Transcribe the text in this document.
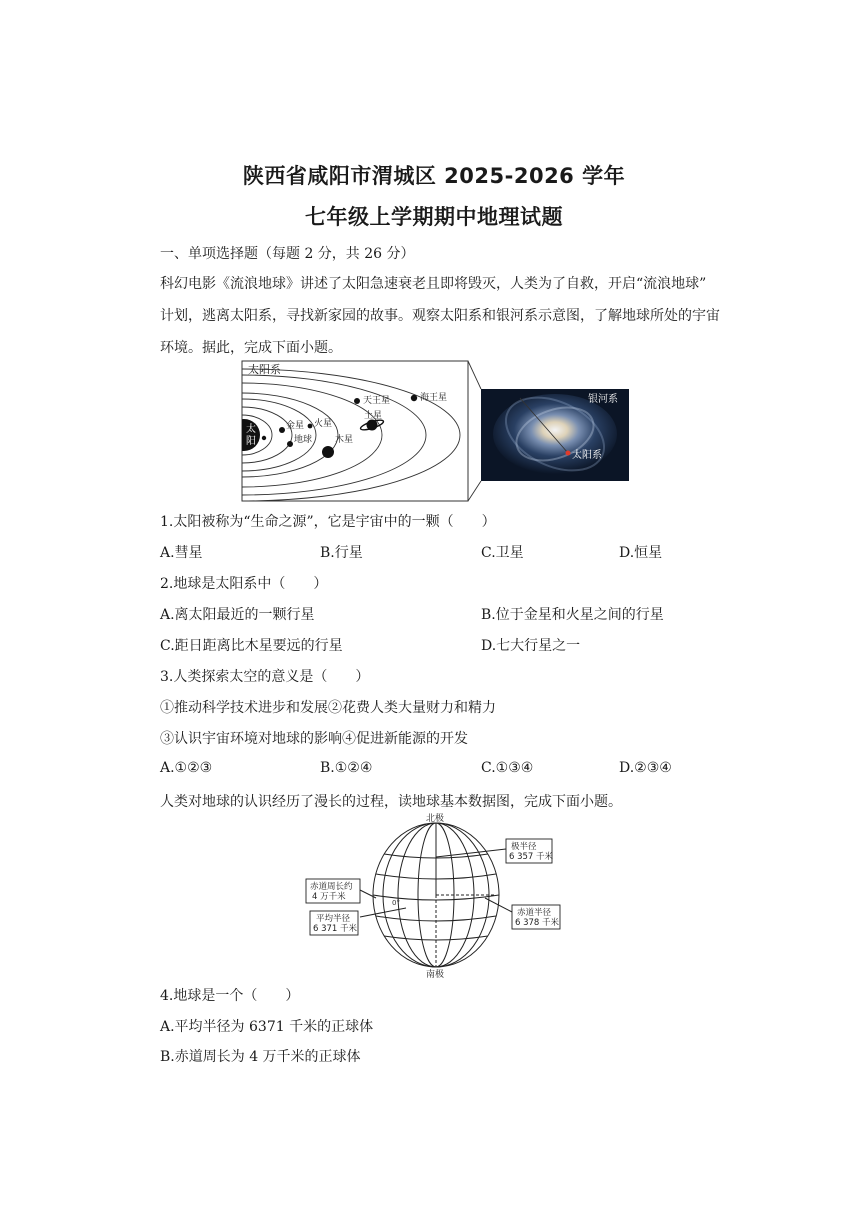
陕西省咸阳市渭城区 2025-2026 学年
七年级上学期期中地理试题
一、单项选择题（每题 2 分，共 26 分）
科幻电影《流浪地球》讲述了太阳急速衰老且即将毁灭，人类为了自救，开启“流浪地球”
计划，逃离太阳系，寻找新家园的故事。观察太阳系和银河系示意图，了解地球所处的宇宙
环境。据此，完成下面小题。
太阳系
太
阳
金星
地球
火星
木星
土星
天王星	海王星	银河系
太阳系
1.太阳被称为“生命之源”，它是宇宙中的一颗（　　）
A.彗星	B.行星	C.卫星	D.恒星
2.地球是太阳系中（　　）
A.离太阳最近的一颗行星	B.位于金星和火星之间的行星
C.距日距离比木星要远的行星	D.七大行星之一
3.人类探索太空的意义是（　　）
①推动科学技术进步和发展②花费人类大量财力和精力
③认识宇宙环境对地球的影响④促进新能源的开发
A.①②③	B.①②④	C.①③④	D.②③④
人类对地球的认识经历了漫长的过程，读地球基本数据图，完成下面小题。
北极
南极
0°
极半径
6 357 千米
赤道周长约
4 万千米
平均半径
6 371 千米
赤道半径
6 378 千米
4.地球是一个（　　）
A.平均半径为 6371 千米的正球体
B.赤道周长为 4 万千米的正球体
